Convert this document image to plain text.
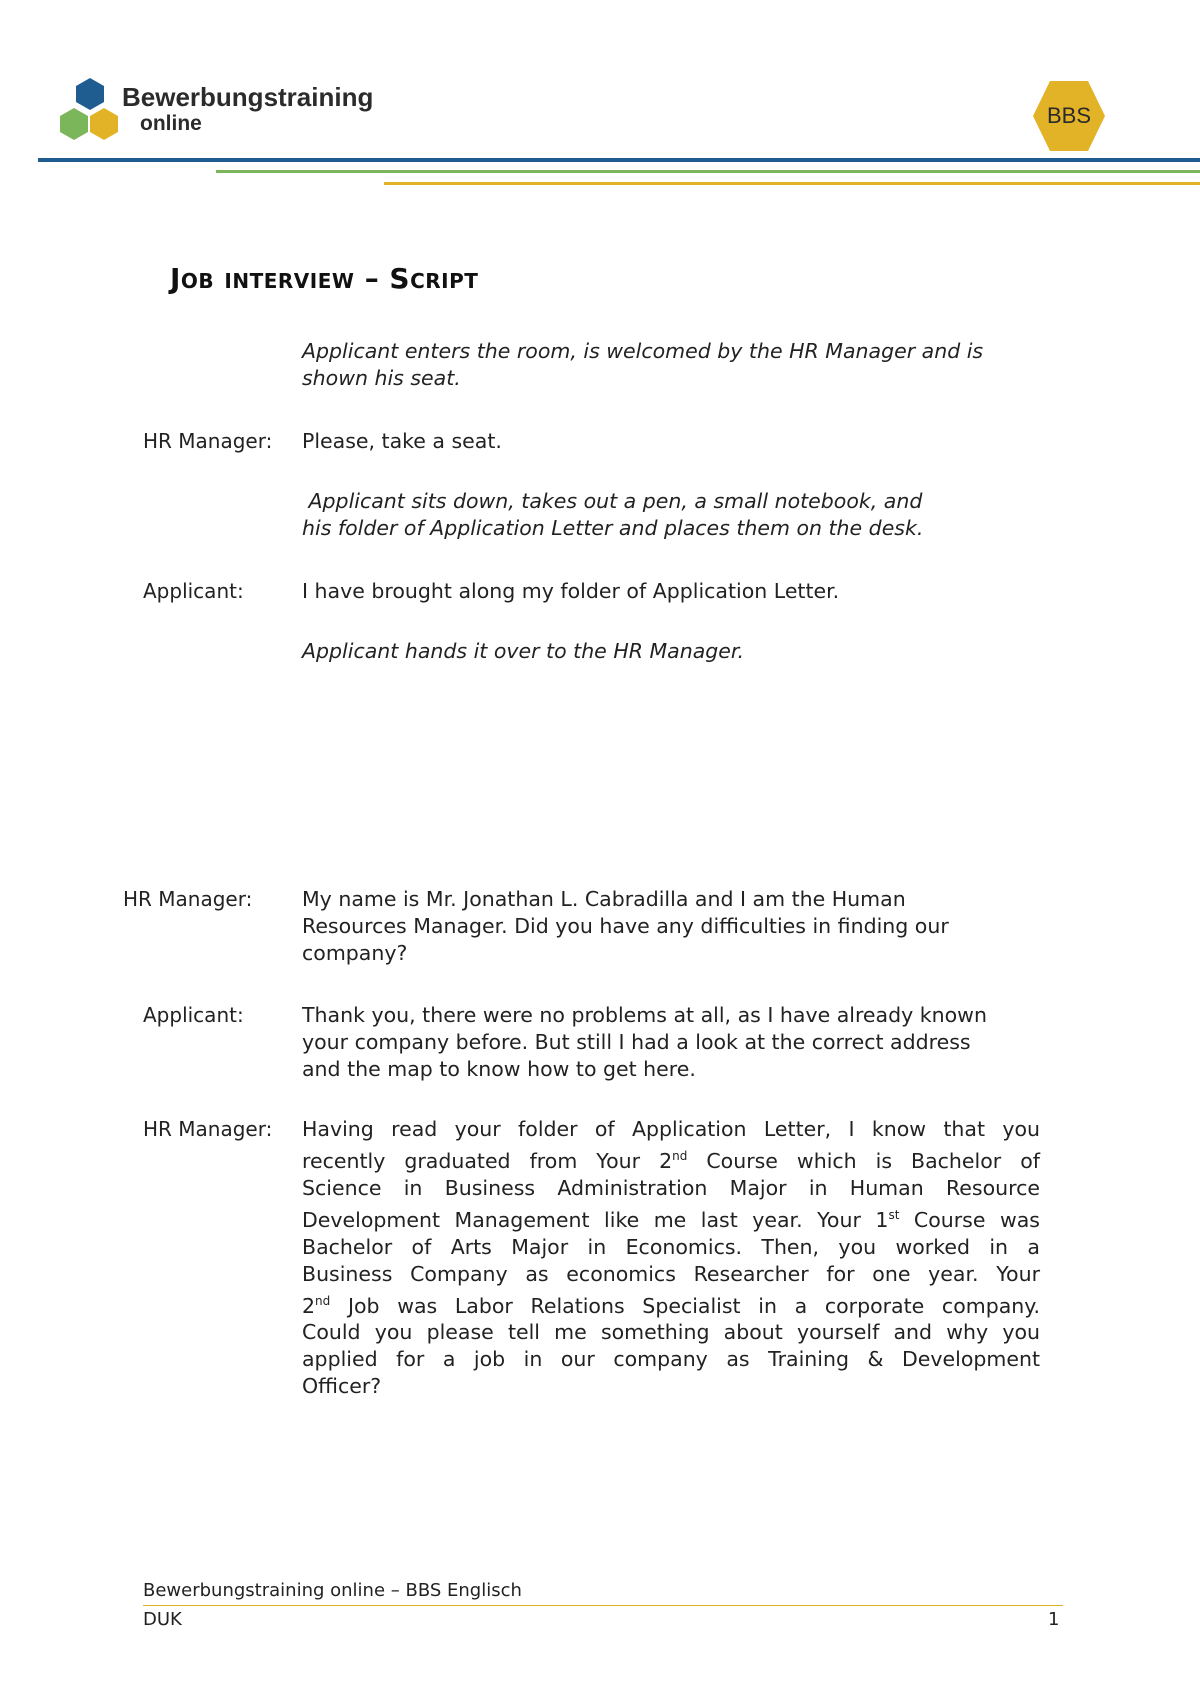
Bewerbungstraining
online	BBS
Job interview – Script
Applicant enters the room, is welcomed by the HR Manager and is
shown his seat.
HR Manager: Please, take a seat.
Applicant sits down, takes out a pen, a small notebook, and
his folder of Application Letter and places them on the desk.
Applicant:	I have brought along my folder of Application Letter.
Applicant hands it over to the HR Manager.
HR Manager: My name is Mr. Jonathan L. Cabradilla and I am the Human
Resources Manager. Did you have any difficulties in finding our
company?
Applicant:	Thank you, there were no problems at all, as I have already known
your company before. But still I had a look at the correct address
and the map to know how to get here.
HR Manager: Having read your folder of Application Letter, I know that you
recently graduated from Your 2nd Course which is Bachelor of
Science in Business Administration Major in Human Resource
Development Management like me last year. Your 1st Course was
Bachelor of Arts Major in Economics. Then, you worked in a
Business Company as economics Researcher for one year. Your
2nd Job was Labor Relations Specialist in a corporate company.
Could you please tell me something about yourself and why you
applied for a job in our company as Training & Development
Officer?
Bewerbungstraining online – BBS Englisch
DUK	1
